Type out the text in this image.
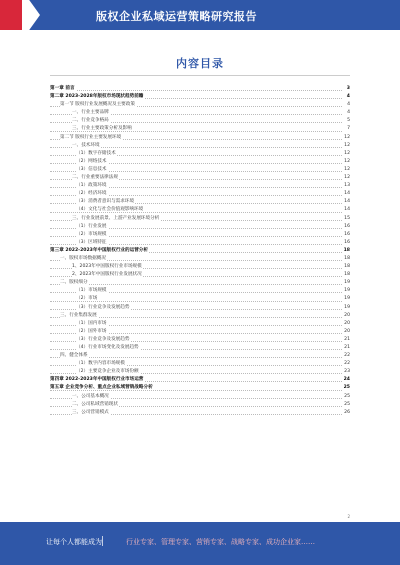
版权企业私域运营策略研究报告
内容目录
第一章 前言	3
第二章 2023-2028年版权市场现状趋势前瞻	4
第一节 版权行业发展概况及主要政策	4
一、行业主要品牌	4
二、行业竞争格局	5
三、行业主要政策分析及影响	7
第二节 版权行业主要发展环境	12
一、技术环境	12
（1）数字存储技术	12
（2）网络技术	12
（3）信息技术	12
二、行业重要法律法规	12
（1）政策环境	13
（2）经济环境	14
（3）消费者意识与需求环境	14
（4）文化与社会价值观影响环境	14
三、行业发展前景、上游产业发展环境分析	15
（1）行业发展	16
（2）市场规模	16
（3）区域特征	16
第三章 2022-2023年中国版权行业的运营分析	18
一、版权市场数据概况	18
1、2023年中国版权行业市场规模	18
2、2023年中国版权行业发展状况	18
二、版权细分	19
（1）市场规模	19
（2）市场	19
（3）行业竞争及发展趋势	19
三、行业集群发展	20
（1）国内市场	20
（2）国外市场	20
（3）行业竞争及发展趋势	21
（4）行业市场变化及发展趋势	21
四、健全体系	22
（1）数字内容市场规模	22
（2）主要竞争企业及市场份额	23
第四章 2022-2023年中国版权行业市场运营	24
第五章 企业竞争分析、重点企业私域营销战略分析	25
一、公司基本概况	25
二、公司私域营销现状	25
三、公司营销模式	26
2
让每个人都能成为	行业专家、管理专家、营销专家、战略专家、成功企业家……
